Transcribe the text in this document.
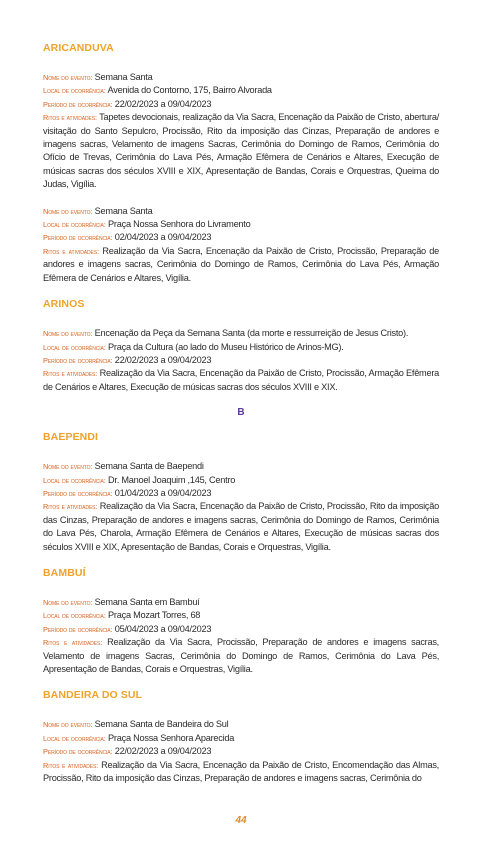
ARICANDUVA
Nome do evento: Semana Santa
Local de ocorrência: Avenida do Contorno, 175, Bairro Alvorada
Período de ocorrência: 22/02/2023 a 09/04/2023
Ritos e atividades: Tapetes devocionais, realização da Via Sacra, Encenação da Paixão de Cristo, abertura/ visitação do Santo Sepulcro, Procissão, Rito da imposição das Cinzas, Preparação de andores e imagens sacras, Velamento de imagens Sacras, Cerimônia do Domingo de Ramos, Cerimônia do Ofício de Trevas, Cerimônia do Lava Pés, Armação Efêmera de Cenários e Altares, Execução de músicas sacras dos séculos XVIII e XIX, Apresentação de Bandas, Corais e Orquestras, Queima do Judas, Vigília.
Nome do evento: Semana Santa
Local de ocorrência: Praça Nossa Senhora do Livramento
Período de ocorrência: 02/04/2023 a 09/04/2023
Ritos e atividades: Realização da Via Sacra, Encenação da Paixão de Cristo, Procissão, Preparação de andores e imagens sacras, Cerimônia do Domingo de Ramos, Cerimônia do Lava Pés, Armação Efêmera de Cenários e Altares, Vigília.
ARINOS
Nome do evento: Encenação da Peça da Semana Santa (da morte e ressurreição de Jesus Cristo).
Local de ocorrência: Praça da Cultura (ao lado do Museu Histórico de Arinos-MG).
Período de ocorrência: 22/02/2023 a 09/04/2023
Ritos e atividades: Realização da Via Sacra, Encenação da Paixão de Cristo, Procissão, Armação Efêmera de Cenários e Altares, Execução de músicas sacras dos séculos XVIII e XIX.
B
BAEPENDI
Nome do evento: Semana Santa de Baependi
Local de ocorrência: Dr. Manoel Joaquim ,145, Centro
Período de ocorrência: 01/04/2023 a 09/04/2023
Ritos e atividades: Realização da Via Sacra, Encenação da Paixão de Cristo, Procissão, Rito da imposição das Cinzas, Preparação de andores e imagens sacras, Cerimônia do Domingo de Ramos, Cerimônia do Lava Pés, Charola, Armação Efêmera de Cenários e Altares, Execução de músicas sacras dos séculos XVIII e XIX, Apresentação de Bandas, Corais e Orquestras, Vigília.
BAMBUÍ
Nome do evento: Semana Santa em Bambuí
Local de ocorrência: Praça Mozart Torres, 68
Período de ocorrência: 05/04/2023 a 09/04/2023
Ritos e atividades: Realização da Via Sacra, Procissão, Preparação de andores e imagens sacras, Velamento de imagens Sacras, Cerimônia do Domingo de Ramos, Cerimônia do Lava Pés, Apresentação de Bandas, Corais e Orquestras, Vigília.
BANDEIRA DO SUL
Nome do evento: Semana Santa de Bandeira do Sul
Local de ocorrência: Praça Nossa Senhora Aparecida
Período de ocorrência: 22/02/2023 a 09/04/2023
Ritos e atividades: Realização da Via Sacra, Encenação da Paixão de Cristo, Encomendação das Almas, Procissão, Rito da imposição das Cinzas, Preparação de andores e imagens sacras, Cerimônia do
44
